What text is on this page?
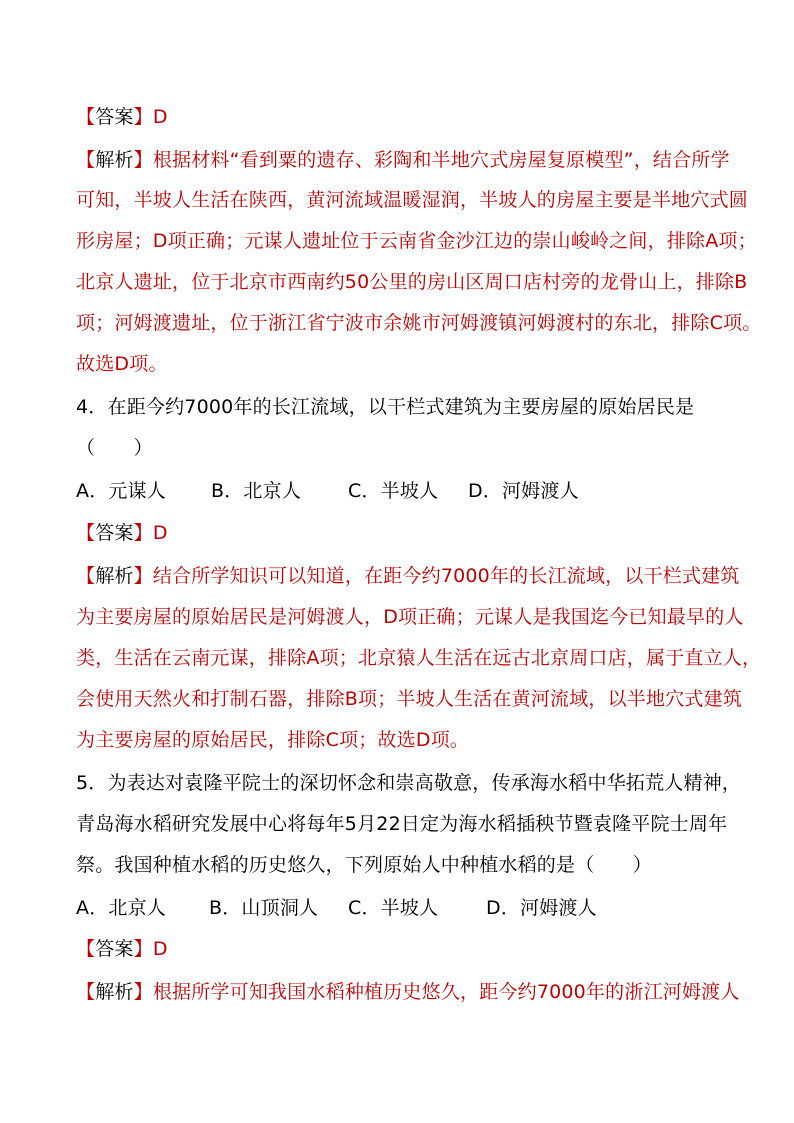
【答案】D
【解析】根据材料“看到粟的遗存、彩陶和半地穴式房屋复原模型”，结合所学
可知，半坡人生活在陕西，黄河流域温暖湿润，半坡人的房屋主要是半地穴式圆
形房屋；D项正确；元谋人遗址位于云南省金沙江边的崇山峻岭之间，排除A项；
北京人遗址，位于北京市西南约50公里的房山区周口店村旁的龙骨山上，排除B
项；河姆渡遗址，位于浙江省宁波市余姚市河姆渡镇河姆渡村的东北，排除C项。
故选D项。
4．在距今约7000年的长江流域，以干栏式建筑为主要房屋的原始居民是
（　　）
A．元谋人 B．北京人 C．半坡人 D．河姆渡人
【答案】D
【解析】结合所学知识可以知道，在距今约7000年的长江流域，以干栏式建筑
为主要房屋的原始居民是河姆渡人，D项正确；元谋人是我国迄今已知最早的人
类，生活在云南元谋，排除A项；北京猿人生活在远古北京周口店，属于直立人，
会使用天然火和打制石器，排除B项；半坡人生活在黄河流域，以半地穴式建筑
为主要房屋的原始居民，排除C项；故选D项。
5．为表达对袁隆平院士的深切怀念和崇高敬意，传承海水稻中华拓荒人精神，
青岛海水稻研究发展中心将每年5月22日定为海水稻插秧节暨袁隆平院士周年
祭。我国种植水稻的历史悠久，下列原始人中种植水稻的是（　　）
A．北京人 B．山顶洞人 C．半坡人	D．河姆渡人
【答案】D
【解析】根据所学可知我国水稻种植历史悠久，距今约7000年的浙江河姆渡人
